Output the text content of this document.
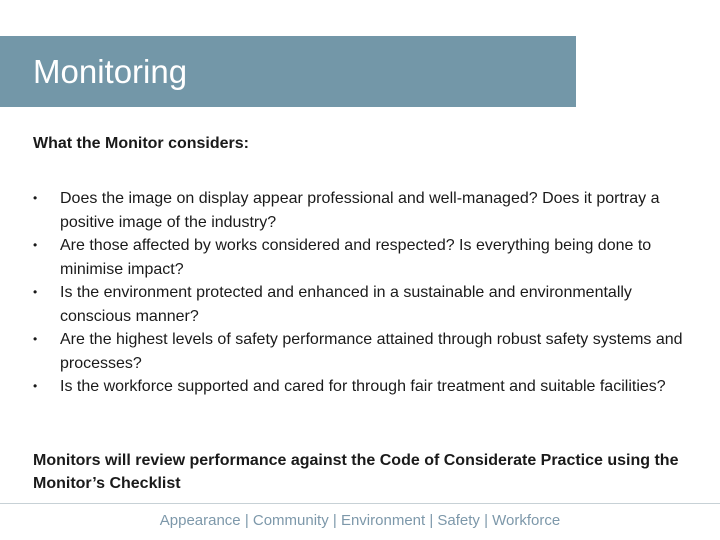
Monitoring
What the Monitor considers:
•	Does the image on display appear professional and well-managed? Does it portray a positive image of the industry?
•	Are those affected by works considered and respected? Is everything being done to minimise impact?
•	Is the environment protected and enhanced in a sustainable and environmentally conscious manner?
•	Are the highest levels of safety performance attained through robust safety systems and processes?
•	Is the workforce supported and cared for through fair treatment and suitable facilities?
Monitors will review performance against the Code of Considerate Practice using the Monitor’s Checklist
Appearance | Community | Environment | Safety | Workforce
